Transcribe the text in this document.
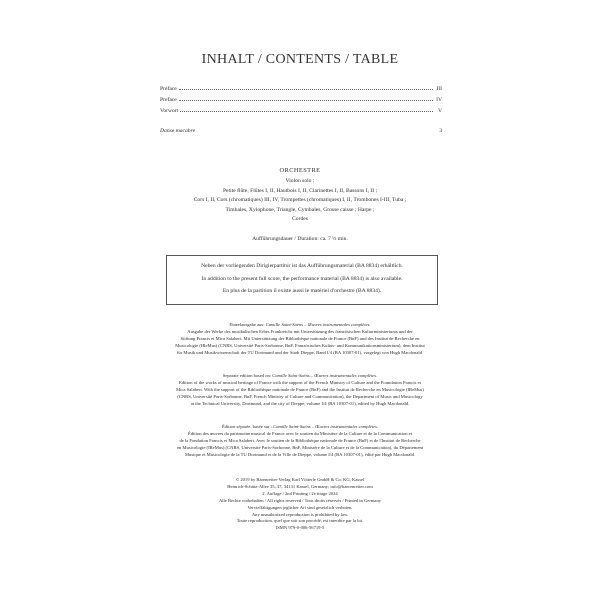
INHALT / CONTENTS / TABLE
Préface	III
Preface	IV
Vorwort	V
Danse macabre	3
ORCHESTRE
Violon solo ;
Petite flûte, Flûtes I, II, Hautbois I, II, Clarinettes I, II, Bassons I, II ;
Cors I, II, Cors (chromatiques) III, IV, Trompettes (chromatiques) I, II, Trombones I-III, Tuba ;
Timbales, Xylophone, Triangle, Cymbales, Grosse caisse ; Harpe ;
Cordes
Aufführungsdauer / Duration: ca. 7 ½ min.
Neben der vorliegenden Dirigierpartitur ist das Aufführungsmaterial (BA 8834) erhältlich.
In addition to the present full score, the performance material (BA 8834) is also available.
En plus de la partition il existe aussi le matériel d'orchestre (BA 8834).
Einzelausgabe aus: Camille Saint-Saëns – Œuvres instrumentales complètes.
Ausgabe der Werke des musikalischen Erbes Frankreichs mit Unterstützung des französischen Kulturministeriums und der
Stiftung Francis et Mica Salabert. Mit Unterstützung der Bibliothèque nationale de France (BnF) und des Institut de Recherche en
Musicologie (IReMus) (CNRS, Université Paris-Sorbonne, BnF, Französisches Kultus- und Kommunikationsministerium), dem Institut
für Musik und Musikwissenschaft der TU Dortmund und der Stadt Dieppe, Band I/4 (BA 10307-01), vorgelegt von Hugh Macdonald.
Separate edition based on: Camille Saint-Saëns – Œuvres instrumentales complètes.
Edition of the works of musical heritage of France with the support of the French Ministry of Culture and the Foundation Francis et
Mica Salabert. With the support of the Bibliothèque nationale de France (BnF) and the Institut de Recherche en Musicologie (IReMus)
(CNRS, Université Paris-Sorbonne, BnF, French Ministry of Culture and Communication), the Department of Music and Musicology
at the Technical University, Dortmund, and the city of Dieppe, volume I/4 (BA 10307-01), edited by Hugh Macdonald.
Édition séparée, basée sur : Camille Saint-Saëns – Œuvres instrumentales complètes.
Édition des œuvres du patrimoine musical de France avec le soutien du Ministère de la Culture et de la Communication et
de la Fondation Francis et Mica Salabert. Avec le soutien de la Bibliothèque nationale de France (BnF) et de l'Institut de Recherche
en Musicologie (IReMus) (CNRS, Université Paris-Sorbonne, BnF, Ministère de la Culture et de la Communication), du Département
Musique et Musicologie de la TU Dortmund et de la Ville de Dieppe, volume I/4 (BA 10307-01), édité par Hugh Macdonald.
© 2019 by Bärenreiter-Verlag Karl Vötterle GmbH & Co. KG, Kassel
Heinrich-Schütz-Allee 35–37, 34131 Kassel, Germany; info@baerenreiter.com
2. Auflage / 2nd Printing / 2e tirage 2024
Alle Rechte vorbehalten / All rights reserved / Tous droits réservés / Printed in Germany
Vervielfältigungen jeglicher Art sind gesetzlich verboten.
Any unauthorized reproduction is prohibited by law.
Toute reproduction, quel que soit son procédé, est interdite par la loi.
ISMN 979-0-006-56719-5
